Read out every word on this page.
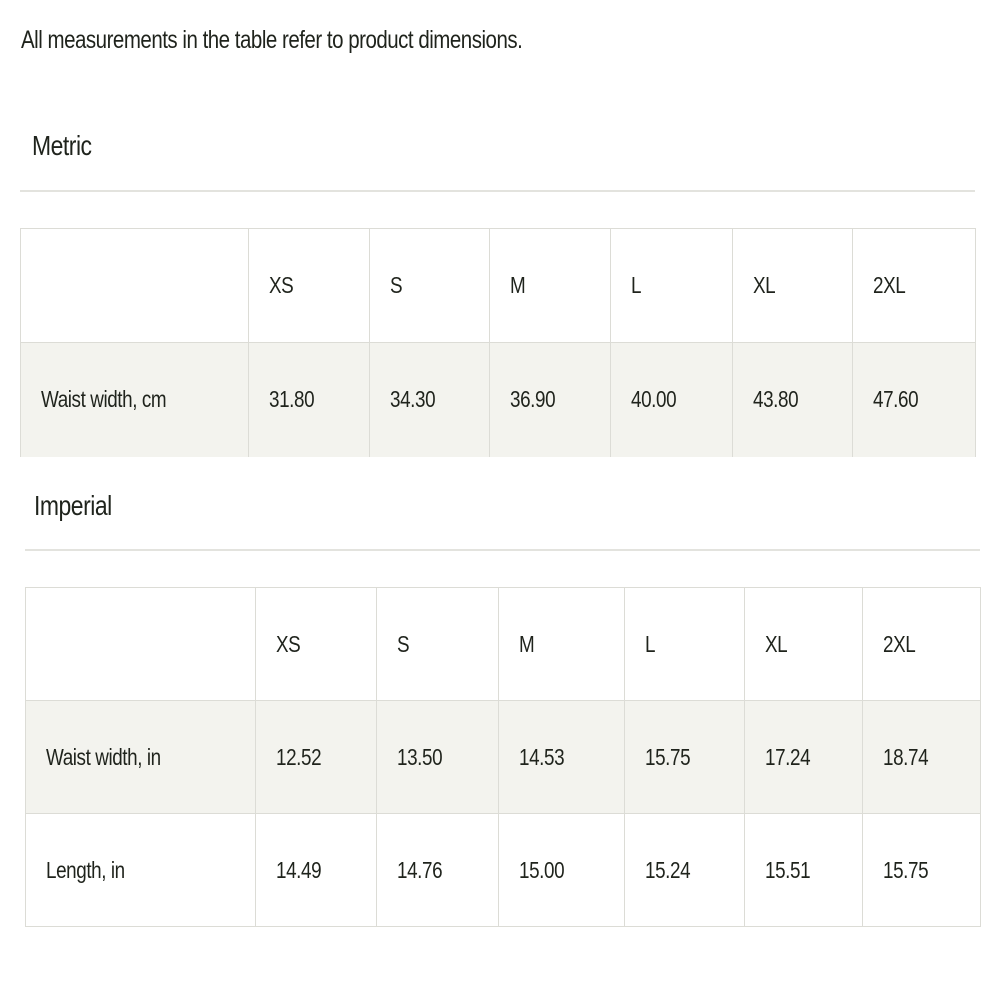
All measurements in the table refer to product dimensions.
Metric
	XS	S	M	L	XL	2XL
Waist width, cm	31.80	34.30	36.90	40.00	43.80	47.60
Imperial
	XS	S	M	L	XL	2XL
Waist width, in	12.52	13.50	14.53	15.75	17.24	18.74
Length, in	14.49	14.76	15.00	15.24	15.51	15.75
